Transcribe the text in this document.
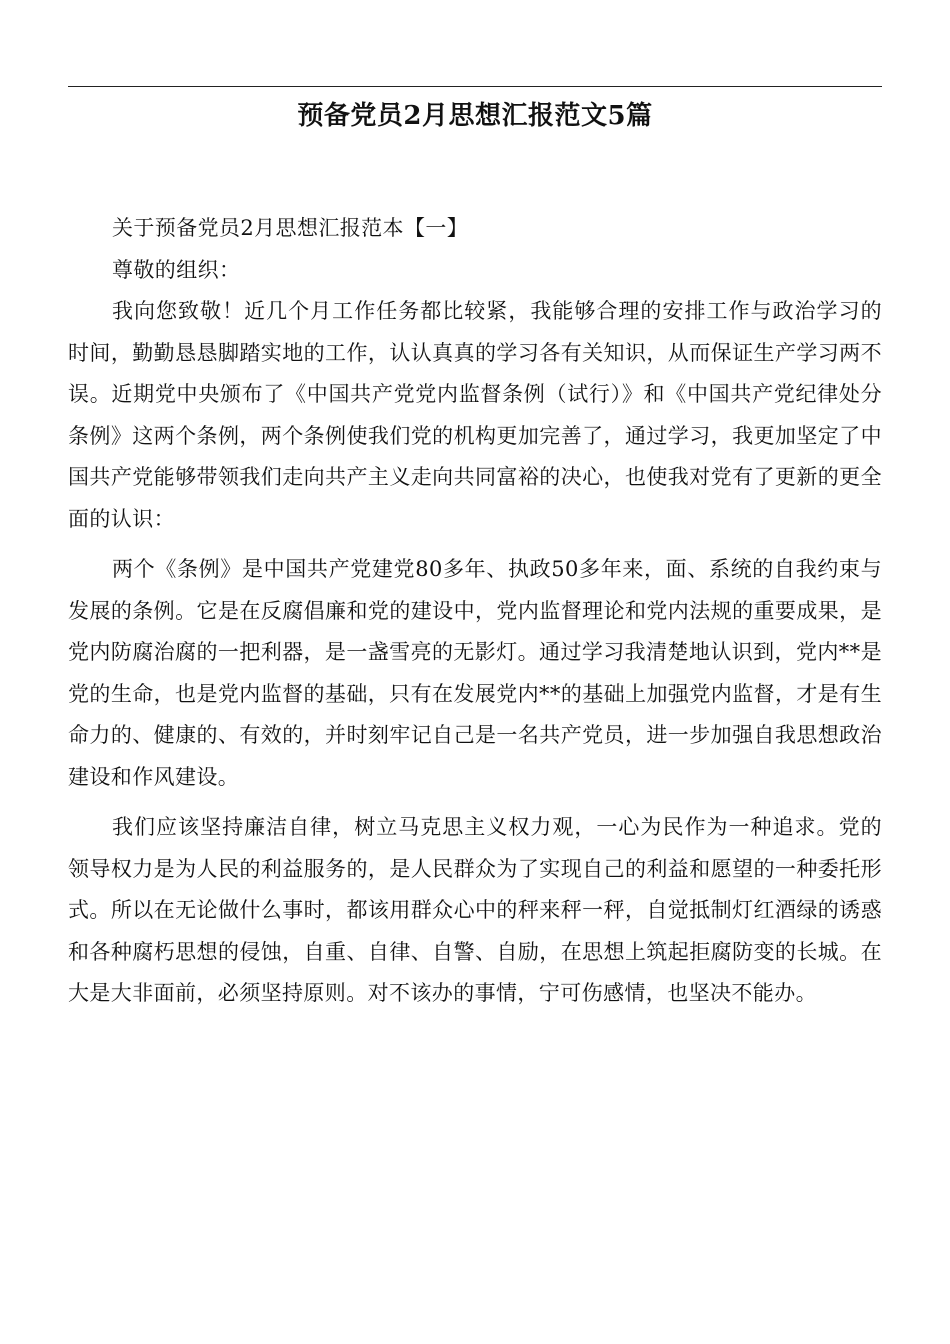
预备党员2月思想汇报范文5篇

关于预备党员2月思想汇报范本【一】

尊敬的组织：

我向您致敬！近几个月工作任务都比较紧，我能够合理的安排工作与政治学习的时间，勤勤恳恳脚踏实地的工作，认认真真的学习各有关知识，从而保证生产学习两不误。近期党中央颁布了《中国共产党党内监督条例（试行）》和《中国共产党纪律处分条例》这两个条例，两个条例使我们党的机构更加完善了，通过学习，我更加坚定了中国共产党能够带领我们走向共产主义走向共同富裕的决心，也使我对党有了更新的更全面的认识：

两个《条例》是中国共产党建党80多年、执政50多年来，面、系统的自我约束与发展的条例。它是在反腐倡廉和党的建设中，党内监督理论和党内法规的重要成果，是党内防腐治腐的一把利器，是一盏雪亮的无影灯。通过学习我清楚地认识到，党内**是党的生命，也是党内监督的基础，只有在发展党内**的基础上加强党内监督，才是有生命力的、健康的、有效的，并时刻牢记自己是一名共产党员，进一步加强自我思想政治建设和作风建设。

我们应该坚持廉洁自律，树立马克思主义权力观，一心为民作为一种追求。党的领导权力是为人民的利益服务的，是人民群众为了实现自己的利益和愿望的一种委托形式。所以在无论做什么事时，都该用群众心中的秤来秤一秤，自觉抵制灯红酒绿的诱惑和各种腐朽思想的侵蚀，自重、自律、自警、自励，在思想上筑起拒腐防变的长城。在大是大非面前，必须坚持原则。对不该办的事情，宁可伤感情，也坚决不能办。
